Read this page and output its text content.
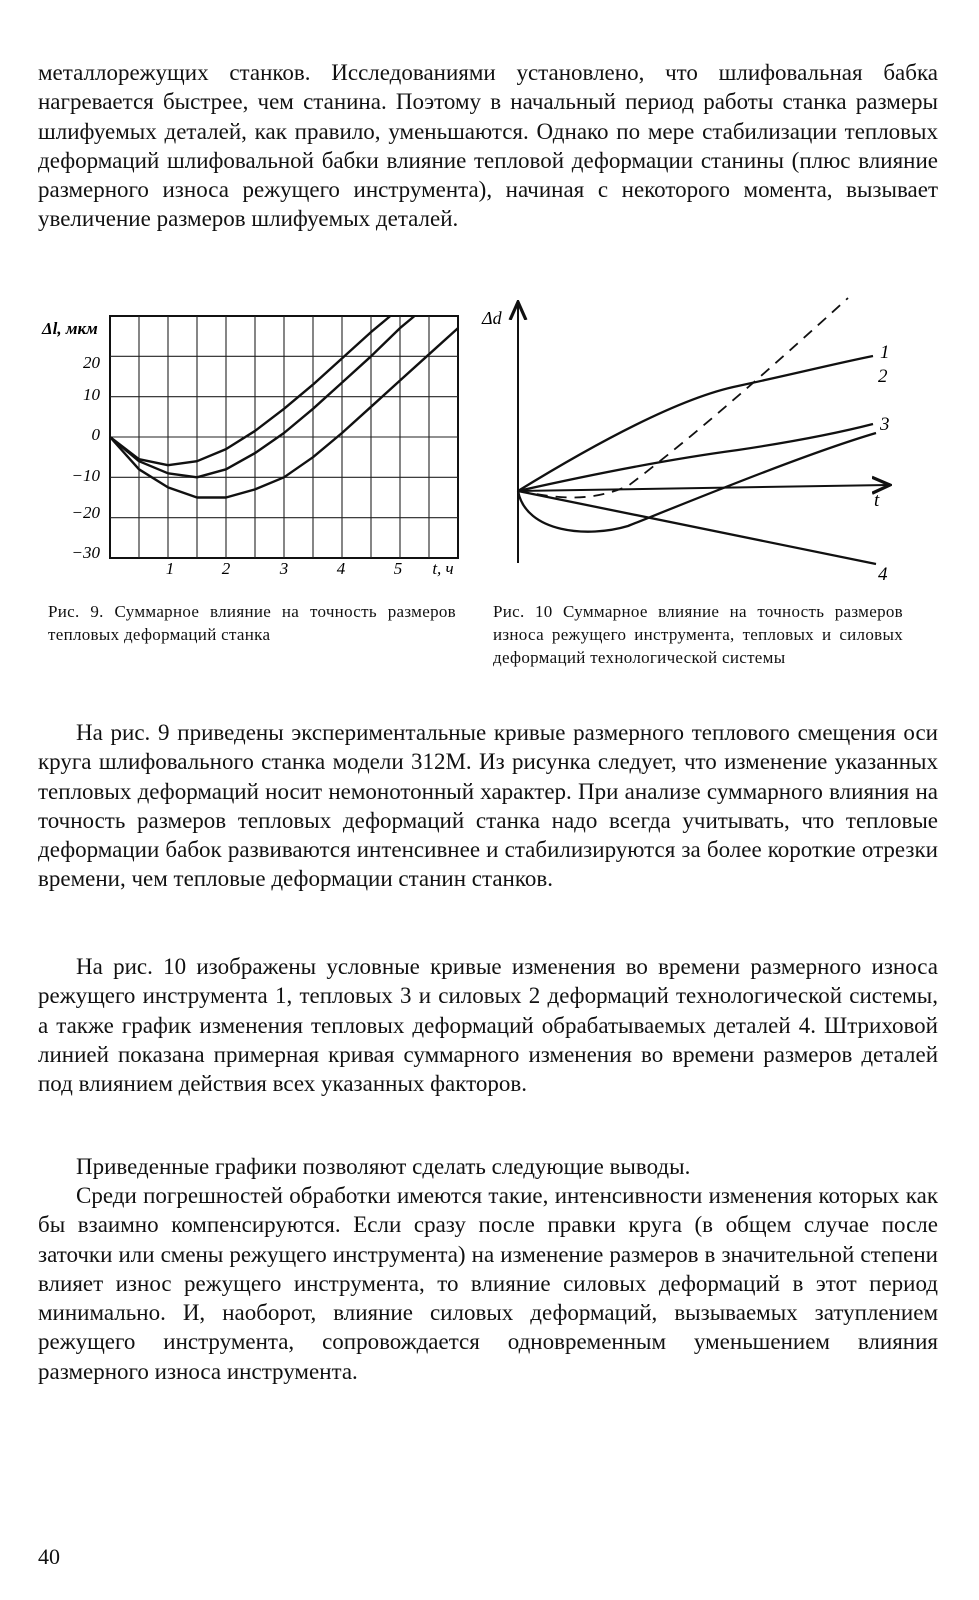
металлорежущих станков. Исследованиями установлено, что шлифовальная бабка нагревается быстрее, чем станина. Поэтому в начальный период работы станка размеры шлифуемых деталей, как правило, уменьшаются. Однако по мере стабилизации тепловых деформаций шлифовальной бабки влияние тепловой деформации станины (плюс влияние размерного износа режущего инструмента), начиная с некоторого момента, вызывает увеличение размеров шлифуемых деталей.

Δl, мкм
20
10
0
−10
−20
−30
1	2	3	4	5 t, ч
Δd
t
1
2
3
4

Рис. 9. Суммарное влияние на точность размеров тепловых деформаций станка

Рис. 10 Суммарное влияние на точность размеров износа режущего инструмента, тепловых и силовых деформаций технологической системы

На рис. 9 приведены экспериментальные кривые размерного теплового смещения оси круга шлифовального станка модели 312М. Из рисунка следует, что изменение указанных тепловых деформаций носит немонотонный характер. При анализе суммарного влияния на точность размеров тепловых деформаций станка надо всегда учитывать, что тепловые деформации бабок развиваются интенсивнее и стабилизируются за более короткие отрезки времени, чем тепловые деформации станин станков.

На рис. 10 изображены условные кривые изменения во времени размерного износа режущего инструмента 1, тепловых 3 и силовых 2 деформаций технологической системы, а также график изменения тепловых деформаций обрабатываемых деталей 4. Штриховой линией показана примерная кривая суммарного изменения во времени размеров деталей под влиянием действия всех указанных факторов.

Приведенные графики позволяют сделать следующие выводы.

Среди погрешностей обработки имеются такие, интенсивности изменения которых как бы взаимно компенсируются. Если сразу после правки круга (в общем случае после заточки или смены режущего инструмента) на изменение размеров в значительной степени влияет износ режущего инструмента, то влияние силовых деформаций в этот период минимально. И, наоборот, влияние силовых деформаций, вызываемых затуплением режущего инструмента, сопровождается одновременным уменьшением влияния размерного износа инструмента.

40
